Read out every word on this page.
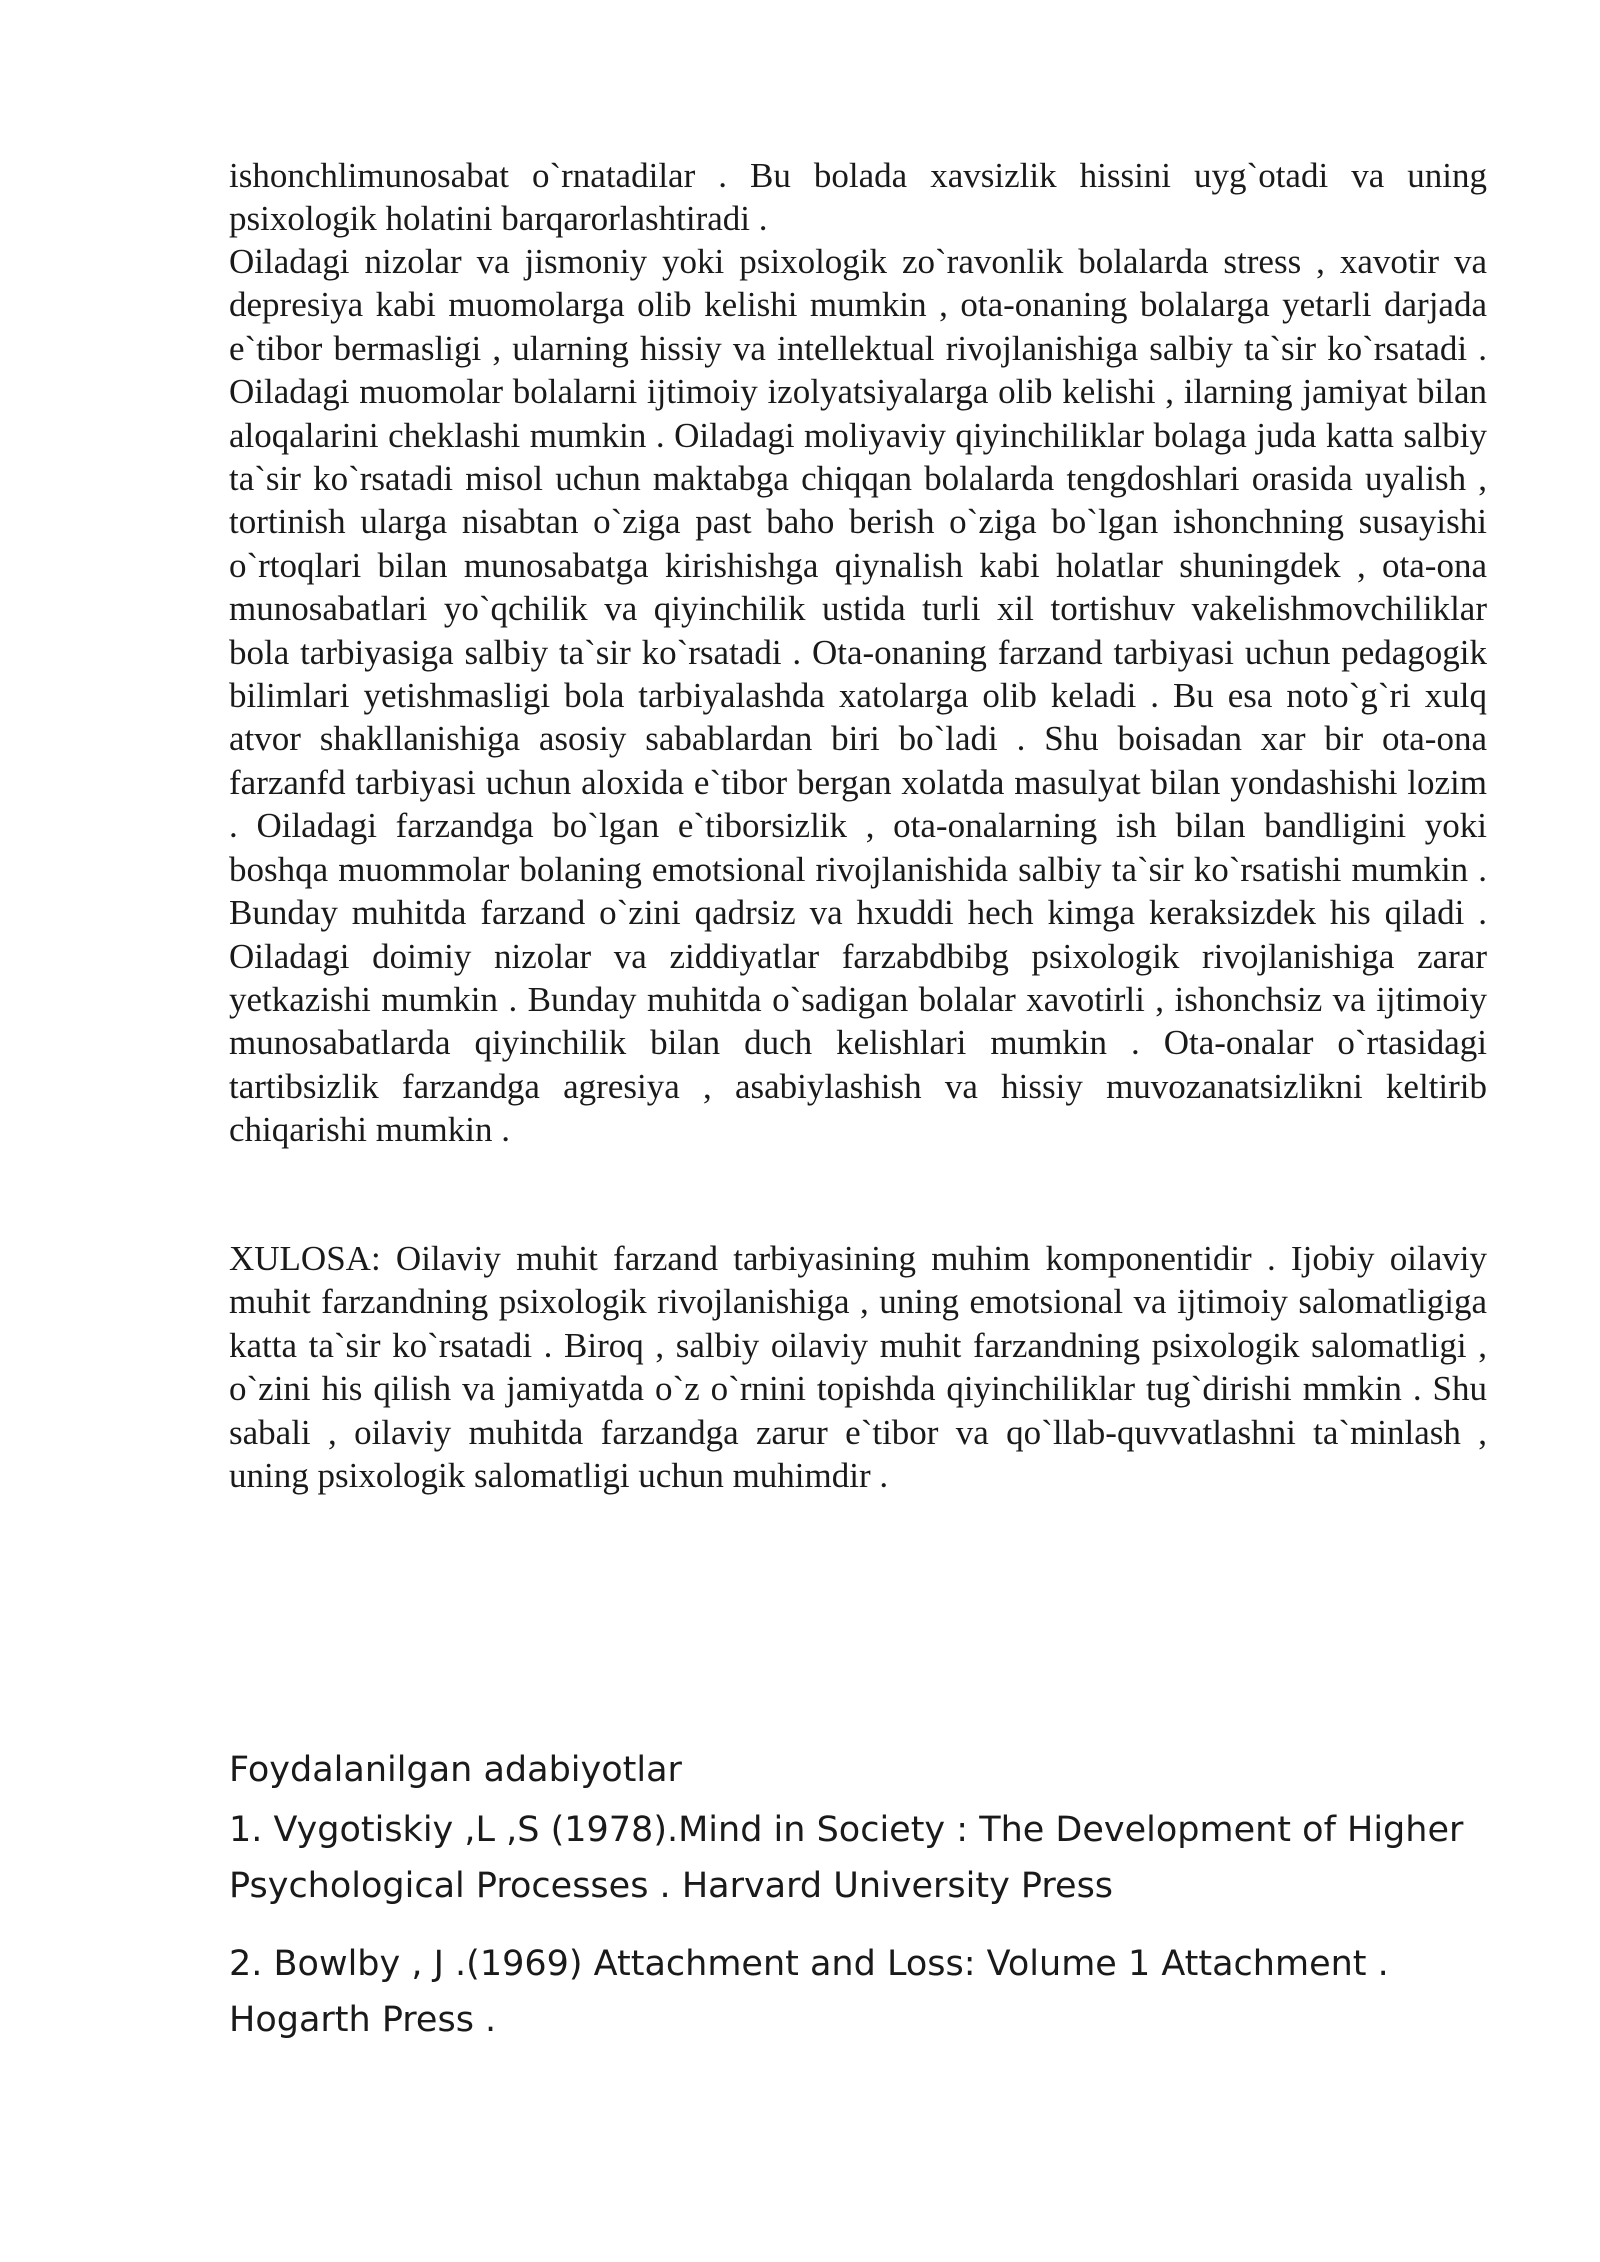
ishonchlimunosabat o`rnatadilar . Bu bolada xavsizlik hissini uyg`otadi va uning psixologik holatini barqarorlashtiradi .

Oiladagi nizolar va jismoniy yoki psixologik zo`ravonlik bolalarda stress , xavotir va depresiya kabi muomolarga olib kelishi mumkin , ota-onaning bolalarga yetarli darjada e`tibor bermasligi , ularning hissiy va intellektual rivojlanishiga salbiy ta`sir ko`rsatadi . Oiladagi muomolar bolalarni ijtimoiy izolyatsiyalarga olib kelishi , ilarning jamiyat bilan aloqalarini cheklashi mumkin . Oiladagi moliyaviy qiyinchiliklar bolaga juda katta salbiy ta`sir ko`rsatadi misol uchun maktabga chiqqan bolalarda tengdoshlari orasida uyalish , tortinish ularga nisabtan o`ziga past baho berish o`ziga bo`lgan ishonchning susayishi o`rtoqlari bilan munosabatga kirishishga qiynalish kabi holatlar shuningdek , ota-ona munosabatlari yo`qchilik va qiyinchilik ustida turli xil tortishuv vakelishmovchiliklar bola tarbiyasiga salbiy ta`sir ko`rsatadi . Ota-onaning farzand tarbiyasi uchun pedagogik bilimlari yetishmasligi bola tarbiyalashda xatolarga olib keladi . Bu esa noto`g`ri xulq atvor shakllanishiga asosiy sabablardan biri bo`ladi . Shu boisadan xar bir ota-ona farzanfd tarbiyasi uchun aloxida e`tibor bergan xolatda masulyat bilan yondashishi lozim . Oiladagi farzandga bo`lgan e`tiborsizlik , ota-onalarning ish bilan bandligini yoki boshqa muommolar bolaning emotsional rivojlanishida salbiy ta`sir ko`rsatishi mumkin . Bunday muhitda farzand o`zini qadrsiz va hxuddi hech kimga keraksizdek his qiladi . Oiladagi doimiy nizolar va ziddiyatlar farzabdbibg psixologik rivojlanishiga zarar yetkazishi mumkin . Bunday muhitda o`sadigan bolalar xavotirli , ishonchsiz va ijtimoiy munosabatlarda qiyinchilik bilan duch kelishlari mumkin . Ota-onalar o`rtasidagi tartibsizlik farzandga agresiya , asabiylashish va hissiy muvozanatsizlikni keltirib chiqarishi mumkin .

XULOSA: Oilaviy muhit farzand tarbiyasining muhim komponentidir . Ijobiy oilaviy muhit farzandning psixologik rivojlanishiga , uning emotsional va ijtimoiy salomatligiga katta ta`sir ko`rsatadi . Biroq , salbiy oilaviy muhit farzandning psixologik salomatligi , o`zini his qilish va jamiyatda o`z o`rnini topishda qiyinchiliklar tug`dirishi mmkin . Shu sabali , oilaviy muhitda farzandga zarur e`tibor va qo`llab-quvvatlashni ta`minlash , uning psixologik salomatligi uchun muhimdir .

Foydalanilgan adabiyotlar

1. Vygotiskiy ,L ,S (1978).Mind in Society : The Development of Higher Psychological Processes . Harvard University Press

2. Bowlby , J .(1969) Attachment and Loss: Volume 1 Attachment . Hogarth Press .
